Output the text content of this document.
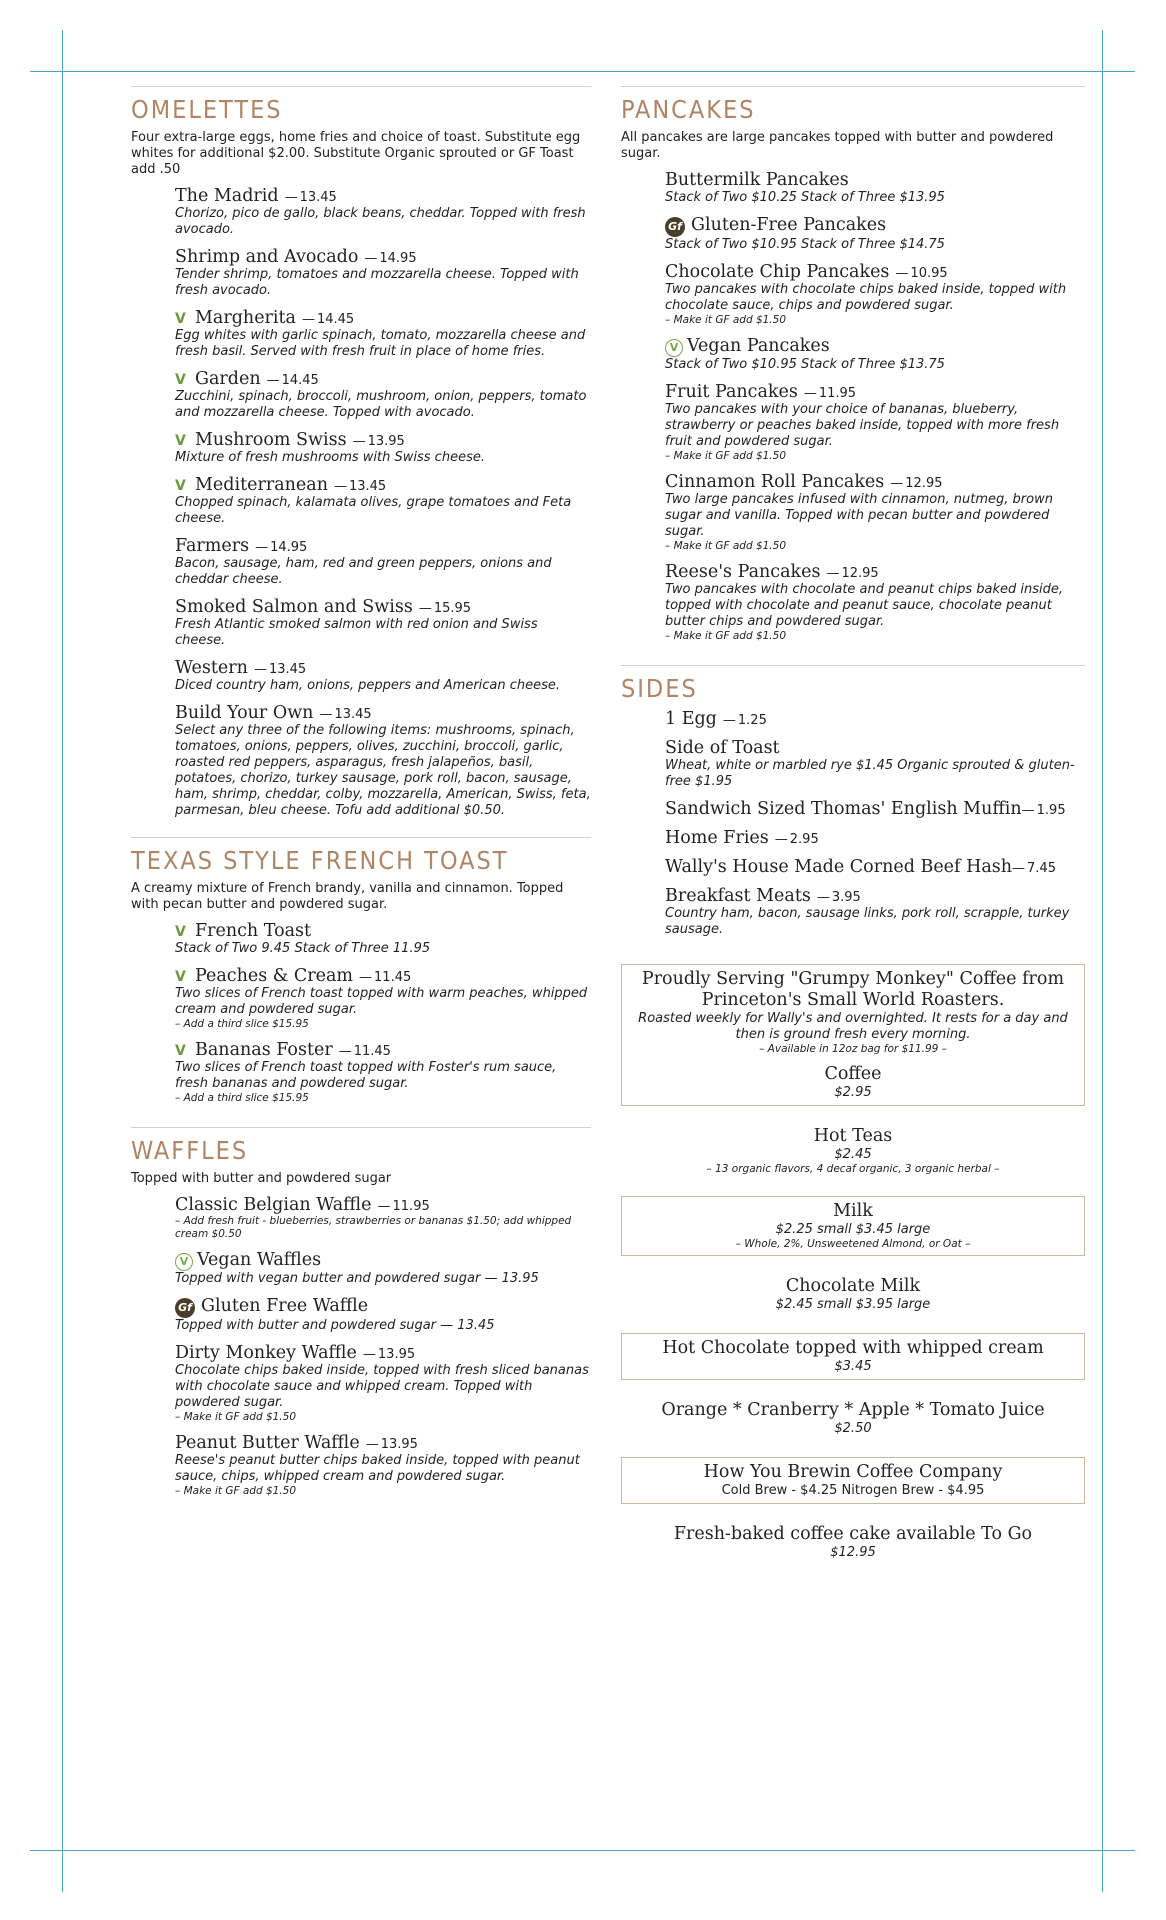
OMELETTES
Four extra-large eggs, home fries and choice of toast. Substitute egg whites for additional $2.00. Substitute Organic sprouted or GF Toast add .50
The Madrid — 13.45
Chorizo, pico de gallo, black beans, cheddar. Topped with fresh avocado.
Shrimp and Avocado — 14.95
Tender shrimp, tomatoes and mozzarella cheese. Topped with fresh avocado.
V Margherita — 14.45
Egg whites with garlic spinach, tomato, mozzarella cheese and fresh basil. Served with fresh fruit in place of home fries.
V Garden — 14.45
Zucchini, spinach, broccoli, mushroom, onion, peppers, tomato and mozzarella cheese. Topped with avocado.
V Mushroom Swiss — 13.95
Mixture of fresh mushrooms with Swiss cheese.
V Mediterranean — 13.45
Chopped spinach, kalamata olives, grape tomatoes and Feta cheese.
Farmers — 14.95
Bacon, sausage, ham, red and green peppers, onions and cheddar cheese.
Smoked Salmon and Swiss — 15.95
Fresh Atlantic smoked salmon with red onion and Swiss cheese.
Western — 13.45
Diced country ham, onions, peppers and American cheese.
Build Your Own — 13.45
Select any three of the following items: mushrooms, spinach, tomatoes, onions, peppers, olives, zucchini, broccoli, garlic, roasted red peppers, asparagus, fresh jalapeños, basil, potatoes, chorizo, turkey sausage, pork roll, bacon, sausage, ham, shrimp, cheddar, colby, mozzarella, American, Swiss, feta, parmesan, bleu cheese. Tofu add additional $0.50.
TEXAS STYLE FRENCH TOAST
A creamy mixture of French brandy, vanilla and cinnamon. Topped with pecan butter and powdered sugar.
V French Toast
Stack of Two 9.45 Stack of Three 11.95
V Peaches & Cream — 11.45
Two slices of French toast topped with warm peaches, whipped cream and powdered sugar.
– Add a third slice $15.95
V Bananas Foster — 11.45
Two slices of French toast topped with Foster's rum sauce, fresh bananas and powdered sugar.
– Add a third slice $15.95
WAFFLES
Topped with butter and powdered sugar
Classic Belgian Waffle — 11.95
– Add fresh fruit - blueberries, strawberries or bananas $1.50; add whipped cream $0.50
V Vegan Waffles
Topped with vegan butter and powdered sugar — 13.95
Gf Gluten Free Waffle
Topped with butter and powdered sugar — 13.45
Dirty Monkey Waffle — 13.95
Chocolate chips baked inside, topped with fresh sliced bananas with chocolate sauce and whipped cream. Topped with powdered sugar.
– Make it GF add $1.50
Peanut Butter Waffle — 13.95
Reese's peanut butter chips baked inside, topped with peanut sauce, chips, whipped cream and powdered sugar.
– Make it GF add $1.50
PANCAKES
All pancakes are large pancakes topped with butter and powdered sugar.
Buttermilk Pancakes
Stack of Two $10.25 Stack of Three $13.95
Gf Gluten-Free Pancakes
Stack of Two $10.95 Stack of Three $14.75
Chocolate Chip Pancakes — 10.95
Two pancakes with chocolate chips baked inside, topped with chocolate sauce, chips and powdered sugar.
– Make it GF add $1.50
V Vegan Pancakes
Stack of Two $10.95 Stack of Three $13.75
Fruit Pancakes — 11.95
Two pancakes with your choice of bananas, blueberry, strawberry or peaches baked inside, topped with more fresh fruit and powdered sugar.
– Make it GF add $1.50
Cinnamon Roll Pancakes — 12.95
Two large pancakes infused with cinnamon, nutmeg, brown sugar and vanilla. Topped with pecan butter and powdered sugar.
– Make it GF add $1.50
Reese's Pancakes — 12.95
Two pancakes with chocolate and peanut chips baked inside, topped with chocolate and peanut sauce, chocolate peanut butter chips and powdered sugar.
– Make it GF add $1.50
SIDES
1 Egg — 1.25
Side of Toast
Wheat, white or marbled rye $1.45 Organic sprouted & gluten-free $1.95
Sandwich Sized Thomas' English Muffin — 1.95
Home Fries — 2.95
Wally's House Made Corned Beef Hash — 7.45
Breakfast Meats — 3.95
Country ham, bacon, sausage links, pork roll, scrapple, turkey sausage.
Proudly Serving "Grumpy Monkey" Coffee from Princeton's Small World Roasters.
Roasted weekly for Wally's and overnighted. It rests for a day and then is ground fresh every morning.
– Available in 12oz bag for $11.99 –
Coffee
$2.95
Hot Teas
$2.45
– 13 organic flavors, 4 decaf organic, 3 organic herbal –
Milk
$2.25 small $3.45 large
– Whole, 2%, Unsweetened Almond, or Oat –
Chocolate Milk
$2.45 small $3.95 large
Hot Chocolate topped with whipped cream
$3.45
Orange * Cranberry * Apple * Tomato Juice
$2.50
How You Brewin Coffee Company
Cold Brew - $4.25 Nitrogen Brew - $4.95
Fresh-baked coffee cake available To Go
$12.95
